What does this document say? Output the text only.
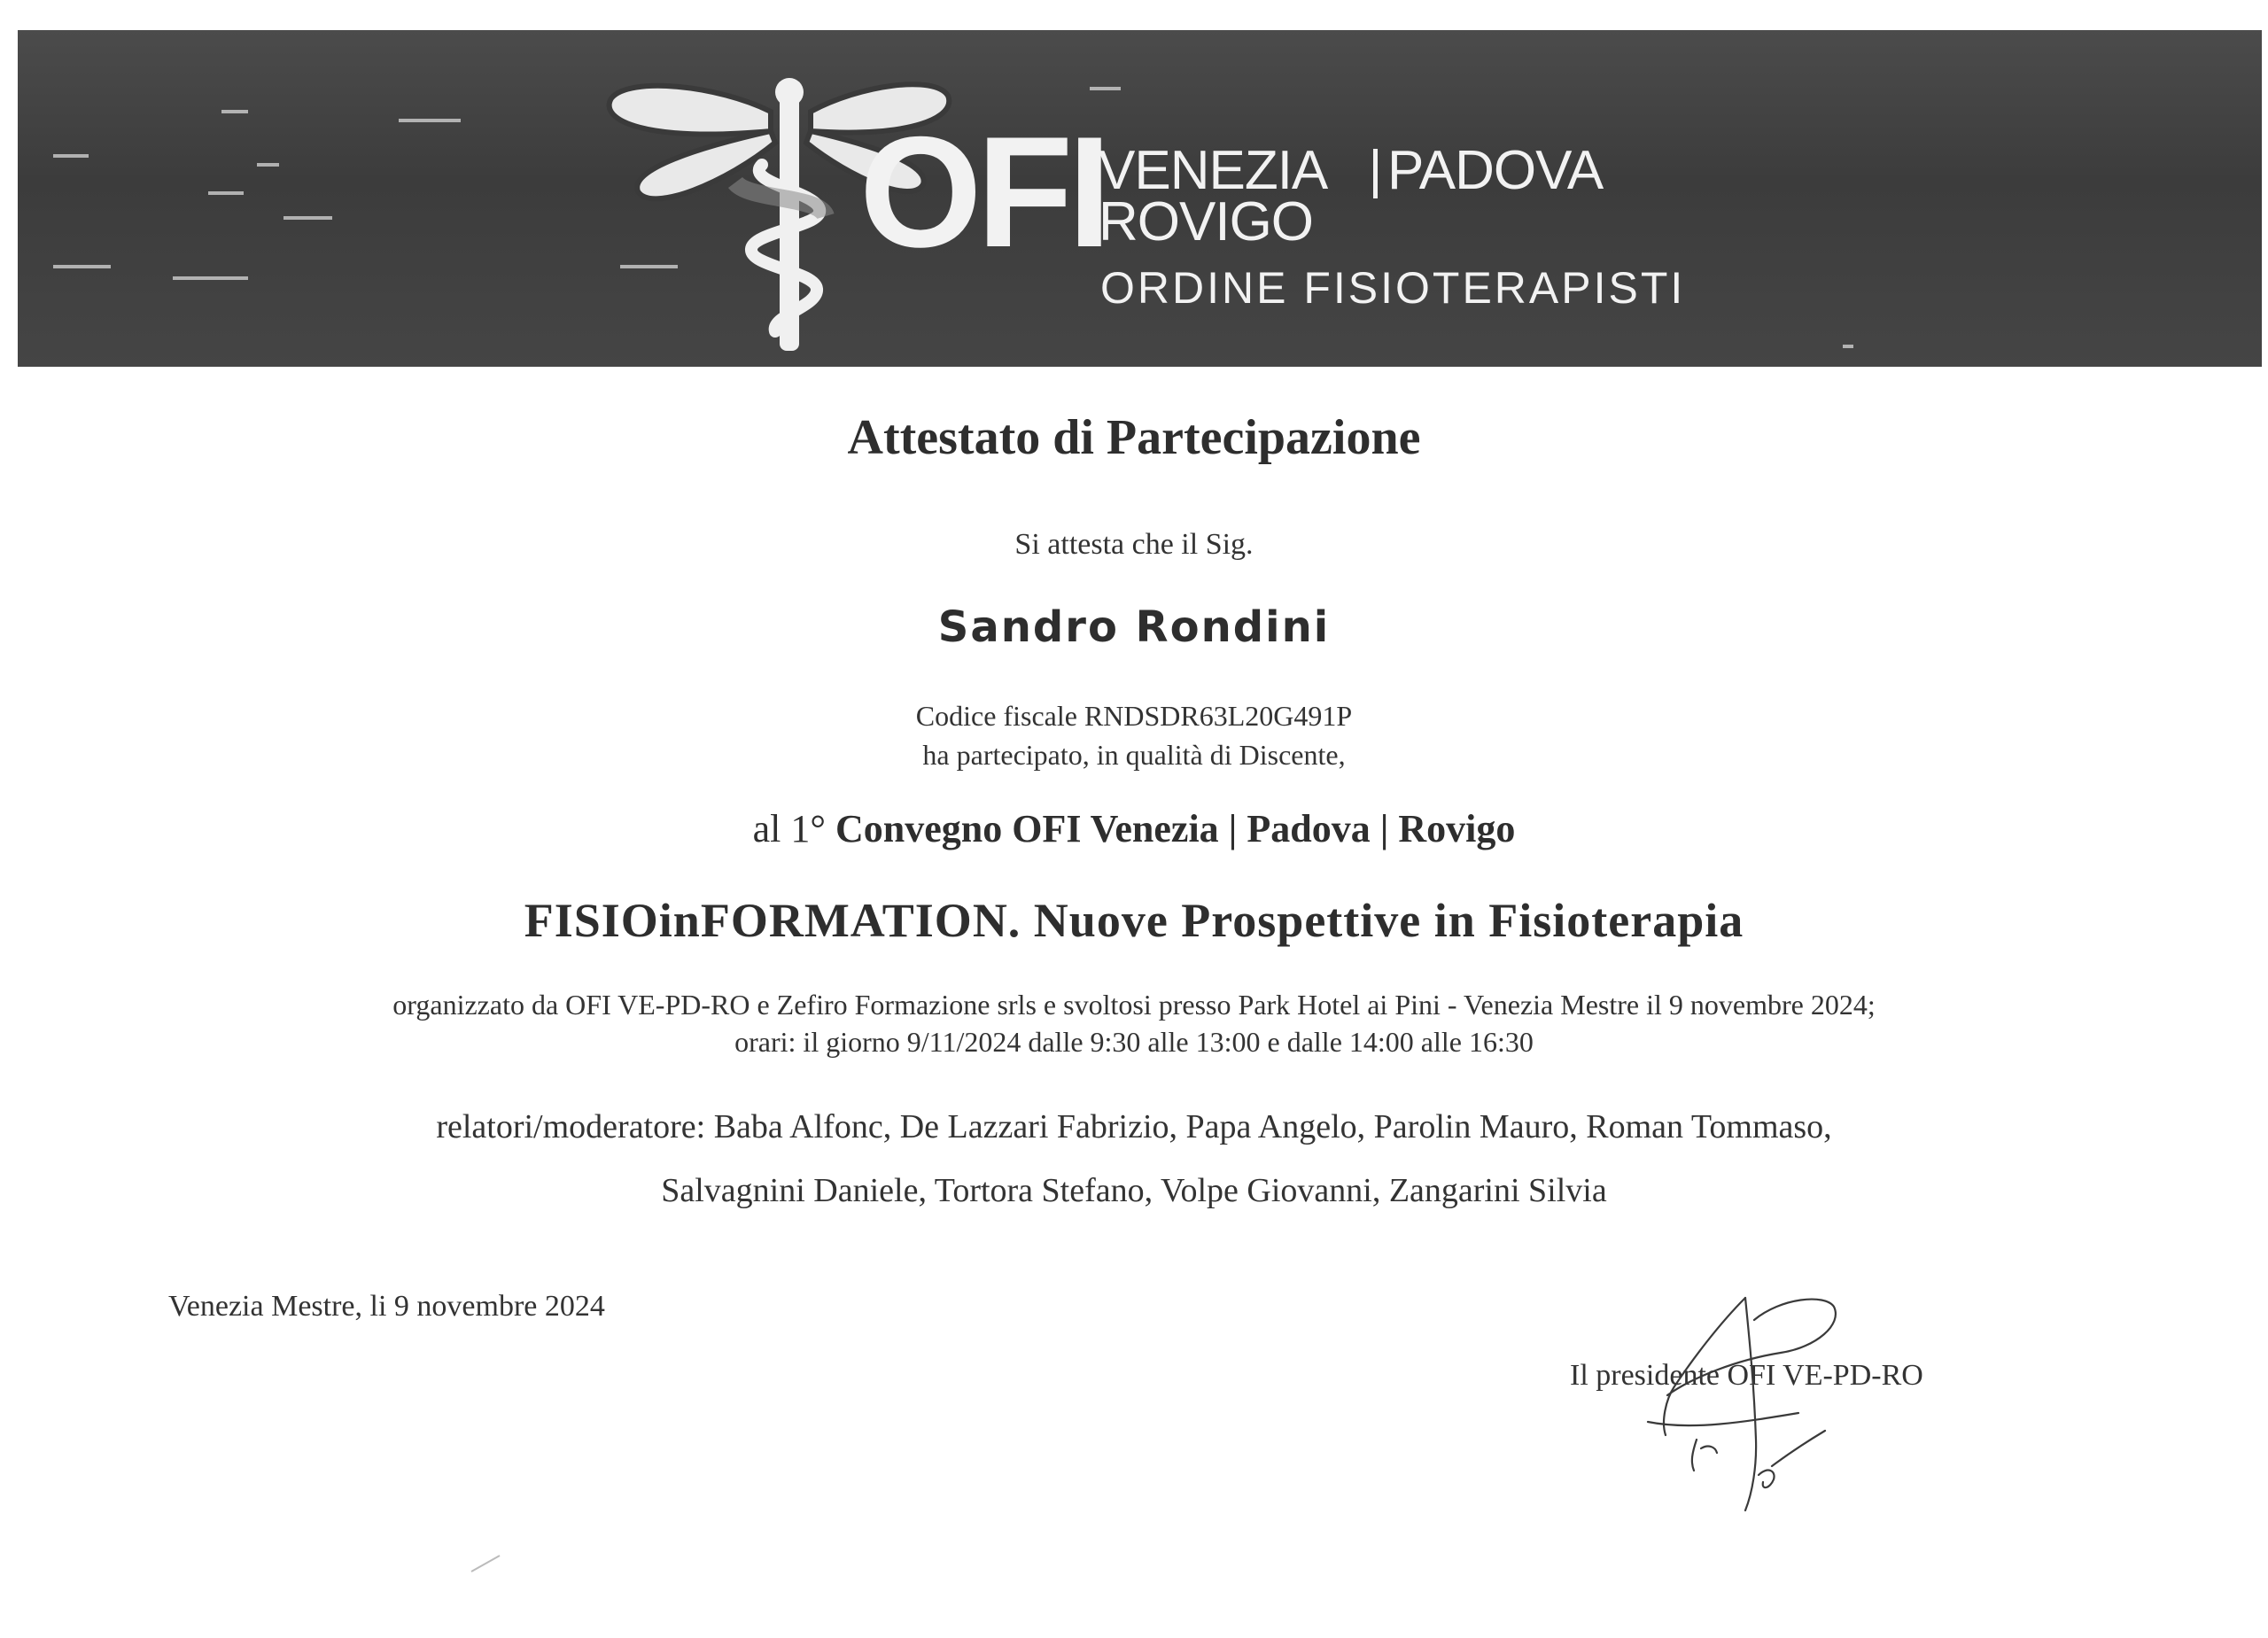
OFI
VENEZIA PADOVA
ROVIGO
ORDINE FISIOTERAPISTI
Attestato di Partecipazione
Si attesta che il Sig.
Sandro Rondini
Codice fiscale RNDSDR63L20G491P
ha partecipato, in qualità di Discente,
al 1° Convegno OFI Venezia | Padova | Rovigo
FISIOinFORMATION. Nuove Prospettive in Fisioterapia
organizzato da OFI VE-PD-RO e Zefiro Formazione srls e svoltosi presso Park Hotel ai Pini - Venezia Mestre il 9 novembre 2024;
orari: il giorno 9/11/2024 dalle 9:30 alle 13:00 e dalle 14:00 alle 16:30
relatori/moderatore: Baba Alfonc, De Lazzari Fabrizio, Papa Angelo, Parolin Mauro, Roman Tommaso,
Salvagnini Daniele, Tortora Stefano, Volpe Giovanni, Zangarini Silvia
Venezia Mestre, li 9 novembre 2024
Il presidente OFI VE-PD-RO
